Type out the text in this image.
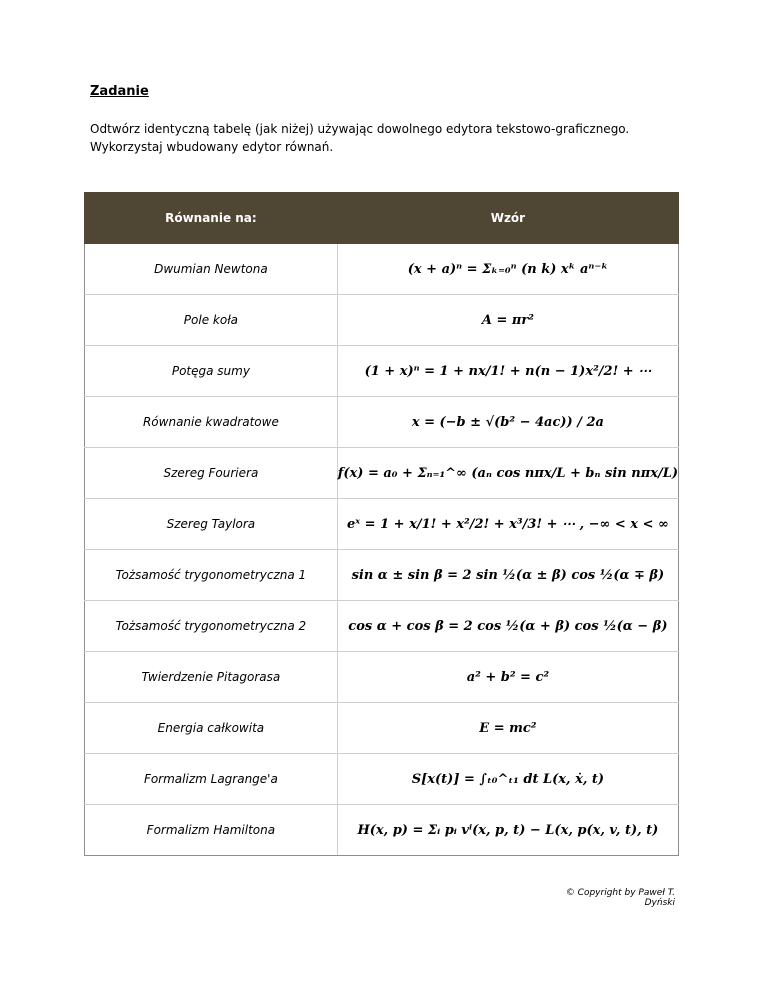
Zadanie
Odtwórz identyczną tabelę (jak niżej) używając dowolnego edytora tekstowo-graficznego. Wykorzystaj wbudowany edytor równań.
Równanie na:	Wzór
Dwumian Newtona	(x + a)ⁿ = Σₖ₌₀ⁿ (n k) xᵏ aⁿ⁻ᵏ
Pole koła	A = πr²
Potęga sumy	(1 + x)ⁿ = 1 + nx/1! + n(n − 1)x²/2! + ⋯
Równanie kwadratowe	x = (−b ± √(b² − 4ac)) / 2a
Szereg Fouriera	f(x) = a₀ + Σₙ₌₁^∞ (aₙ cos nπx/L + bₙ sin nπx/L)
Szereg Taylora	eˣ = 1 + x/1! + x²/2! + x³/3! + ⋯ , −∞ < x < ∞
Tożsamość trygonometryczna 1	sin α ± sin β = 2 sin ½(α ± β) cos ½(α ∓ β)
Tożsamość trygonometryczna 2	cos α + cos β = 2 cos ½(α + β) cos ½(α − β)
Twierdzenie Pitagorasa	a² + b² = c²
Energia całkowita	E = mc²
Formalizm Lagrange'a	S[x(t)] = ∫ₜ₀^ₜ₁ dt L(x, ẋ, t)
Formalizm Hamiltona	H(x, p) = Σᵢ pᵢ vⁱ(x, p, t) − L(x, p(x, v, t), t)
© Copyright by Paweł T. Dyński
